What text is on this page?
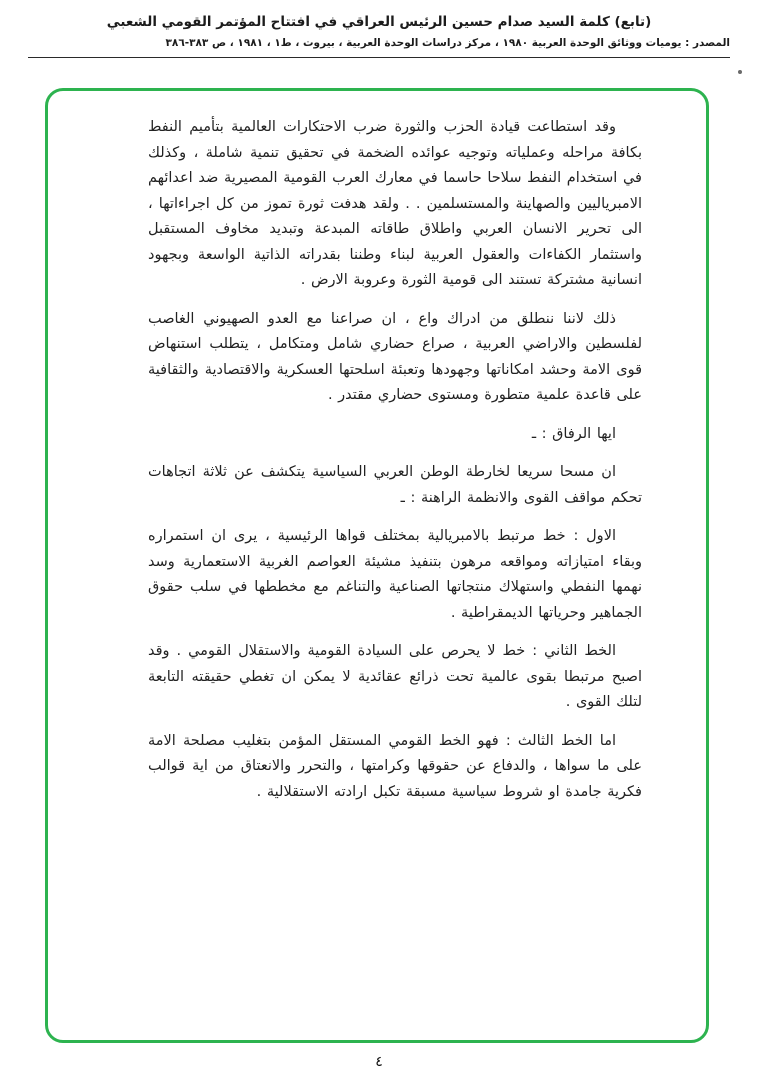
(تابع) كلمة السيد صدام حسين الرئيس العراقي في افتتاح المؤتمر القومي الشعبي
المصدر : يوميات ووثائق الوحدة العربية ١٩٨٠ ، مركز دراسات الوحدة العربية ، بيروت ، ط١ ، ١٩٨١ ، ص ٣٨٣-٣٨٦

وقد استطاعت قيادة الحزب والثورة ضرب الاحتكارات العالمية بتأميم النفط بكافة مراحله وعملياته وتوجيه عوائده الضخمة في تحقيق تنمية شاملة ، وكذلك في استخدام النفط سلاحا حاسما في معارك العرب القومية المصيرية ضد اعدائهم الامبرياليين والصهاينة والمستسلمين . . ولقد هدفت ثورة تموز من كل اجراءاتها ، الى تحرير الانسان العربي واطلاق طاقاته المبدعة وتبديد مخاوف المستقبل واستثمار الكفاءات والعقول العربية لبناء وطننا بقدراته الذاتية الواسعة وبجهود انسانية مشتركة تستند الى قومية الثورة وعروبة الارض .

ذلك لاننا ننطلق من ادراك واع ، ان صراعنا مع العدو الصهيوني الغاصب لفلسطين والاراضي العربية ، صراع حضاري شامل ومتكامل ، يتطلب استنهاض قوى الامة وحشد امكاناتها وجهودها وتعبئة اسلحتها العسكرية والاقتصادية والثقافية على قاعدة علمية متطورة ومستوى حضاري مقتدر .

ايها الرفاق : ـ

ان مسحا سريعا لخارطة الوطن العربي السياسية يتكشف عن ثلاثة اتجاهات تحكم مواقف القوى والانظمة الراهنة : ـ

الاول : خط مرتبط بالامبريالية بمختلف قواها الرئيسية ، يرى ان استمراره وبقاء امتيازاته ومواقعه مرهون بتنفيذ مشيئة العواصم الغربية الاستعمارية وسد نهمها النفطي واستهلاك منتجاتها الصناعية والتناغم مع مخططها في سلب حقوق الجماهير وحرياتها الديمقراطية .

الخط الثاني : خط لا يحرص على السيادة القومية والاستقلال القومي . وقد اصبح مرتبطا بقوى عالمية تحت ذرائع عقائدية لا يمكن ان تغطي حقيقته التابعة لتلك القوى .

اما الخط الثالث : فهو الخط القومي المستقل المؤمن بتغليب مصلحة الامة على ما سواها ، والدفاع عن حقوقها وكرامتها ، والتحرر والانعتاق من اية قوالب فكرية جامدة او شروط سياسية مسبقة تكبل ارادته الاستقلالية .

٤
